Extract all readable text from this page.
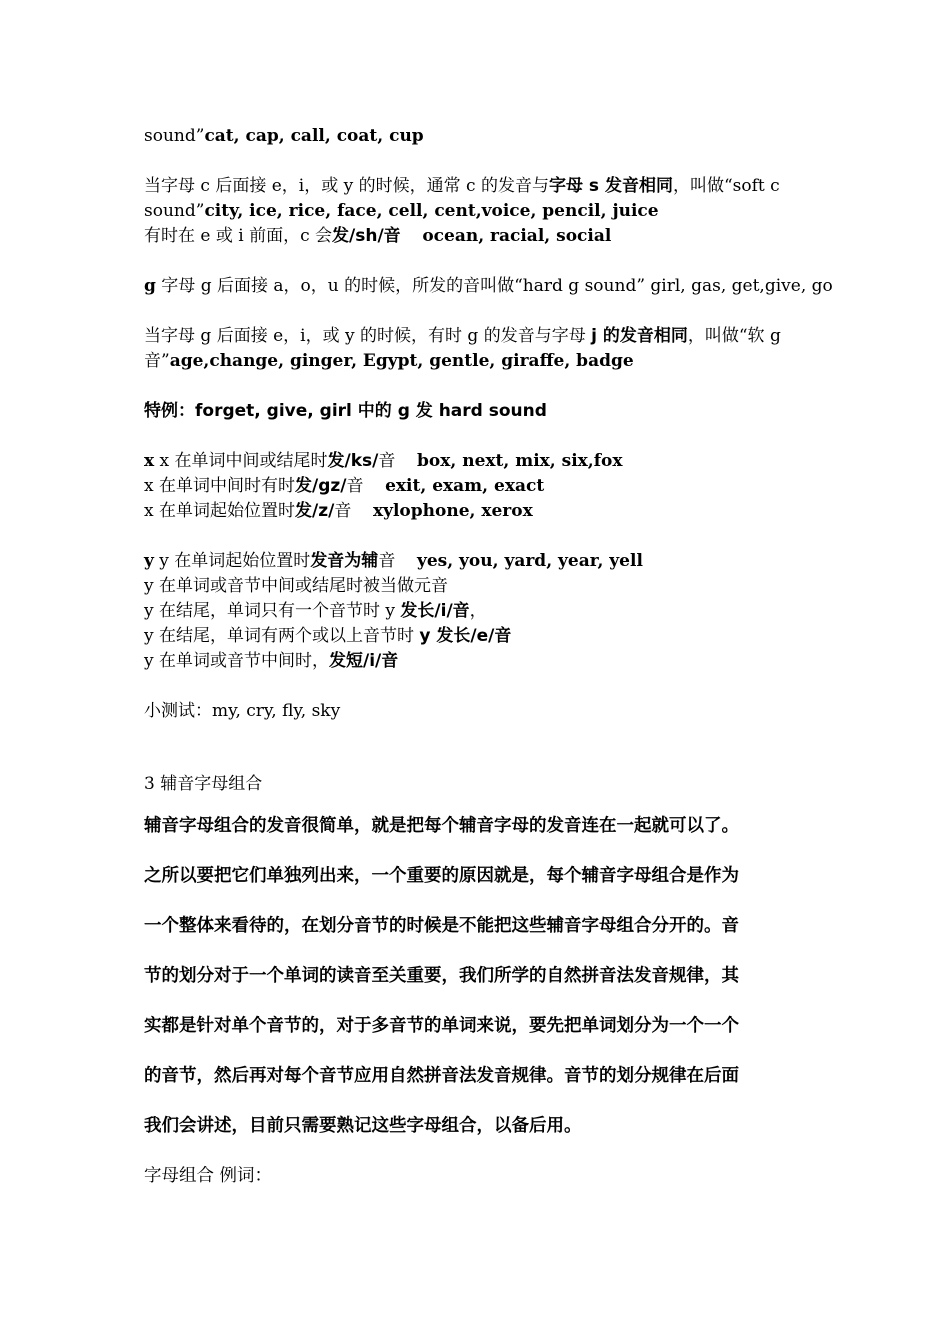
sound”cat, cap, call, coat, cup

当字母 c 后面接 e，i，或 y 的时候，通常 c 的发音与字母 s 发音相同，叫做“soft c

sound”city, ice, rice, face, cell, cent,voice, pencil, juice

有时在 e 或 i 前面，c 会发/sh/音 ocean, racial, social

g 字母 g 后面接 a，o，u 的时候，所发的音叫做“hard g sound” girl, gas, get,give, go

当字母 g 后面接 e，i，或 y 的时候，有时 g 的发音与字母 j 的发音相同，叫做“软 g

音”age,change, ginger, Egypt, gentle, giraffe, badge

特例：forget, give, girl 中的 g 发 hard sound

x x 在单词中间或结尾时发/ks/音    box, next, mix, six,fox

x 在单词中间时有时发/gz/音    exit, exam, exact

x 在单词起始位置时发/z/音    xylophone, xerox

y y 在单词起始位置时发音为辅音    yes, you, yard, year, yell

y 在单词或音节中间或结尾时被当做元音

y 在结尾，单词只有一个音节时 y 发长/i/音，

y 在结尾，单词有两个或以上音节时 y 发长/e/音

y 在单词或音节中间时，发短/i/音

小测试：my, cry, fly, sky

3 辅音字母组合

辅音字母组合的发音很简单，就是把每个辅音字母的发音连在一起就可以了。
之所以要把它们单独列出来，一个重要的原因就是，每个辅音字母组合是作为
一个整体来看待的，在划分音节的时候是不能把这些辅音字母组合分开的。音
节的划分对于一个单词的读音至关重要，我们所学的自然拼音法发音规律，其
实都是针对单个音节的，对于多音节的单词来说，要先把单词划分为一个一个
的音节，然后再对每个音节应用自然拼音法发音规律。音节的划分规律在后面
我们会讲述，目前只需要熟记这些字母组合，以备后用。
字母组合 例词：
